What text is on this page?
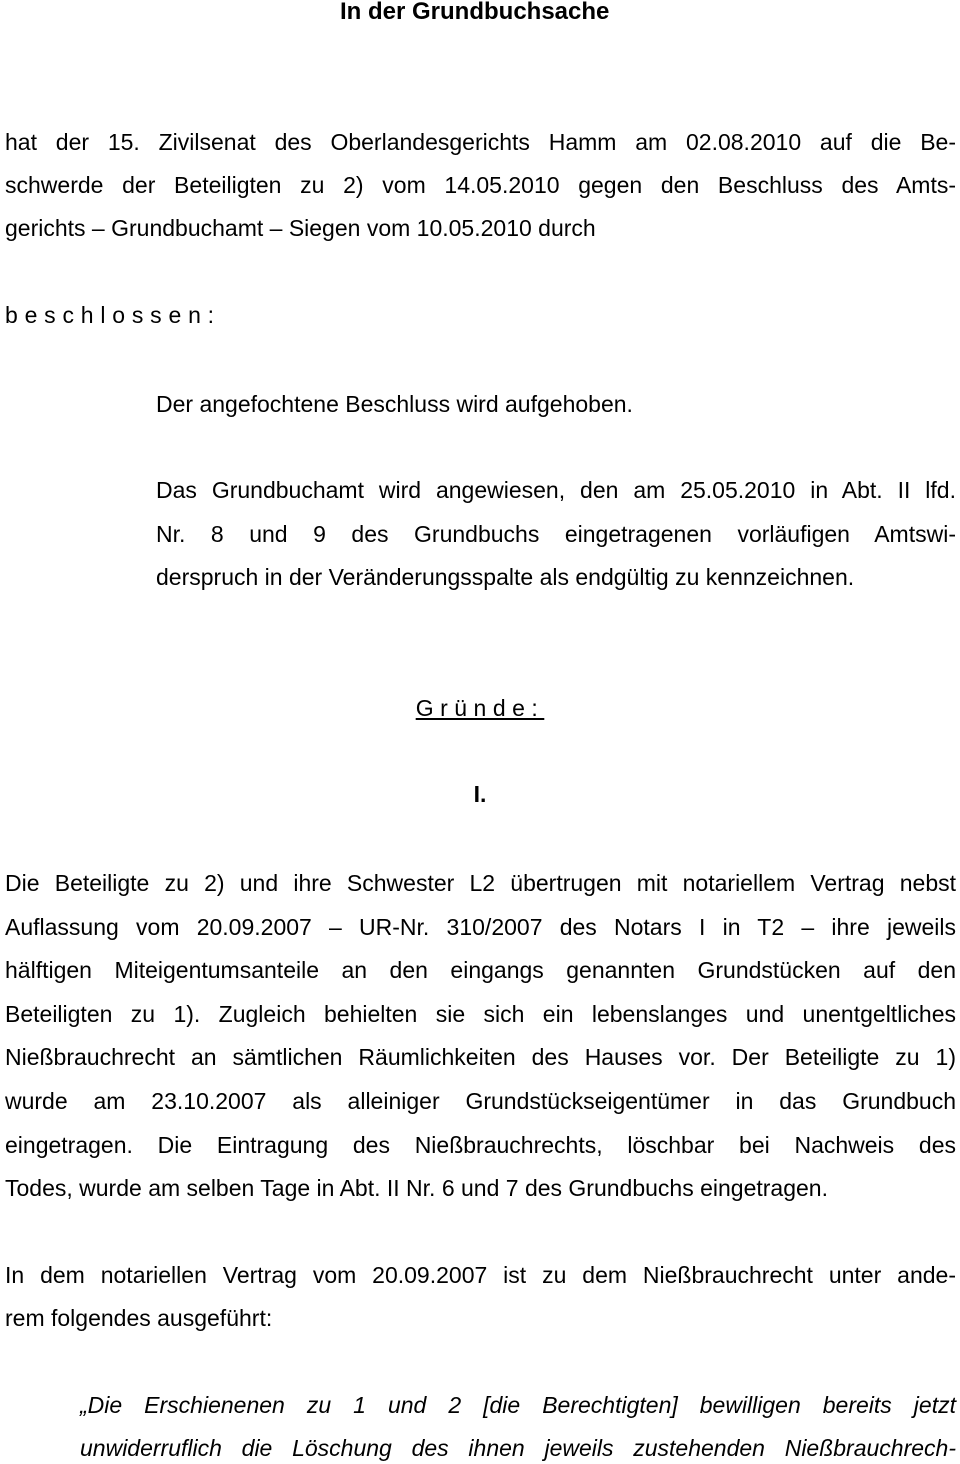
In der Grundbuchsache
hat der 15. Zivilsenat des Oberlandesgerichts Hamm am 02.08.2010 auf die Be-
schwerde der Beteiligten zu 2) vom 14.05.2010 gegen den Beschluss des Amts-
gerichts – Grundbuchamt – Siegen vom 10.05.2010 durch
beschlossen:
Der angefochtene Beschluss wird aufgehoben.
Das Grundbuchamt wird angewiesen, den am 25.05.2010 in Abt. II lfd.
Nr. 8 und 9 des Grundbuchs eingetragenen vorläufigen Amtswi-
derspruch in der Veränderungsspalte als endgültig zu kennzeichnen.
Gründe:
I.
Die Beteiligte zu 2) und ihre Schwester L2 übertrugen mit notariellem Vertrag nebst
Auflassung vom 20.09.2007 – UR-Nr. 310/2007 des Notars I in T2 – ihre jeweils
hälftigen Miteigentumsanteile an den eingangs genannten Grundstücken auf den
Beteiligten zu 1). Zugleich behielten sie sich ein lebenslanges und unentgeltliches
Nießbrauchrecht an sämtlichen Räumlichkeiten des Hauses vor. Der Beteiligte zu 1)
wurde am 23.10.2007 als alleiniger Grundstückseigentümer in das Grundbuch
eingetragen. Die Eintragung des Nießbrauchrechts, löschbar bei Nachweis des
Todes, wurde am selben Tage in Abt. II Nr. 6 und 7 des Grundbuchs eingetragen.
In dem notariellen Vertrag vom 20.09.2007 ist zu dem Nießbrauchrecht unter ande-
rem folgendes ausgeführt:
„Die Erschienenen zu 1 und 2 [die Berechtigten] bewilligen bereits jetzt
unwiderruflich die Löschung des ihnen jeweils zustehenden Nießbrauchrech-
